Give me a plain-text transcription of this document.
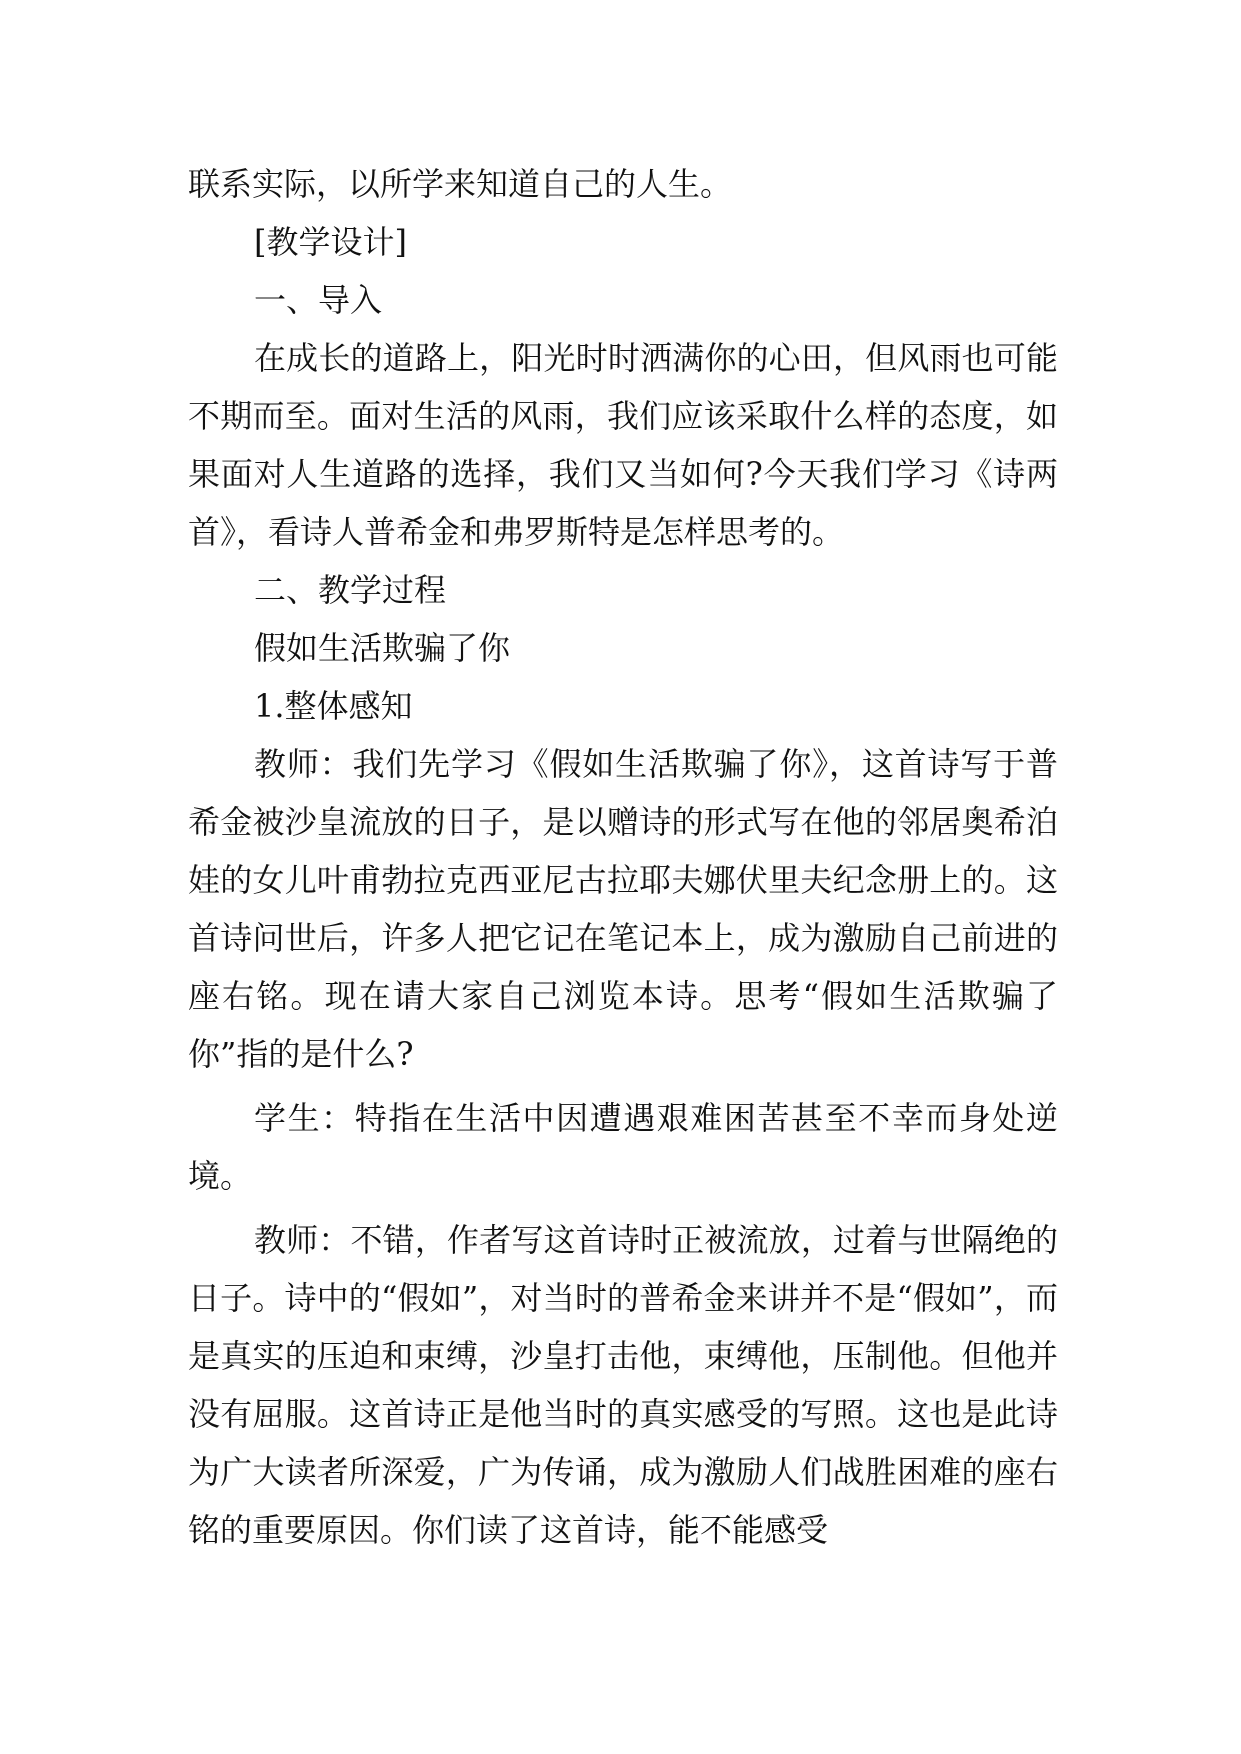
联系实际，以所学来知道自己的人生。

[教学设计]

一、导入

在成长的道路上，阳光时时洒满你的心田，但风雨也可能不期而至。面对生活的风雨，我们应该采取什么样的态度，如果面对人生道路的选择，我们又当如何?今天我们学习《诗两首》，看诗人普希金和弗罗斯特是怎样思考的。

二、教学过程

假如生活欺骗了你

1.整体感知

教师：我们先学习《假如生活欺骗了你》，这首诗写于普希金被沙皇流放的日子，是以赠诗的形式写在他的邻居奥希泊娃的女儿叶甫勃拉克西亚尼古拉耶夫娜伏里夫纪念册上的。这首诗问世后，许多人把它记在笔记本上，成为激励自己前进的座右铭。现在请大家自己浏览本诗。思考“假如生活欺骗了你”指的是什么?

学生：特指在生活中因遭遇艰难困苦甚至不幸而身处逆境。

教师：不错，作者写这首诗时正被流放，过着与世隔绝的日子。诗中的“假如”，对当时的普希金来讲并不是“假如”，而是真实的压迫和束缚，沙皇打击他，束缚他，压制他。但他并没有屈服。这首诗正是他当时的真实感受的写照。这也是此诗为广大读者所深爱，广为传诵，成为激励人们战胜困难的座右铭的重要原因。你们读了这首诗，能不能感受
